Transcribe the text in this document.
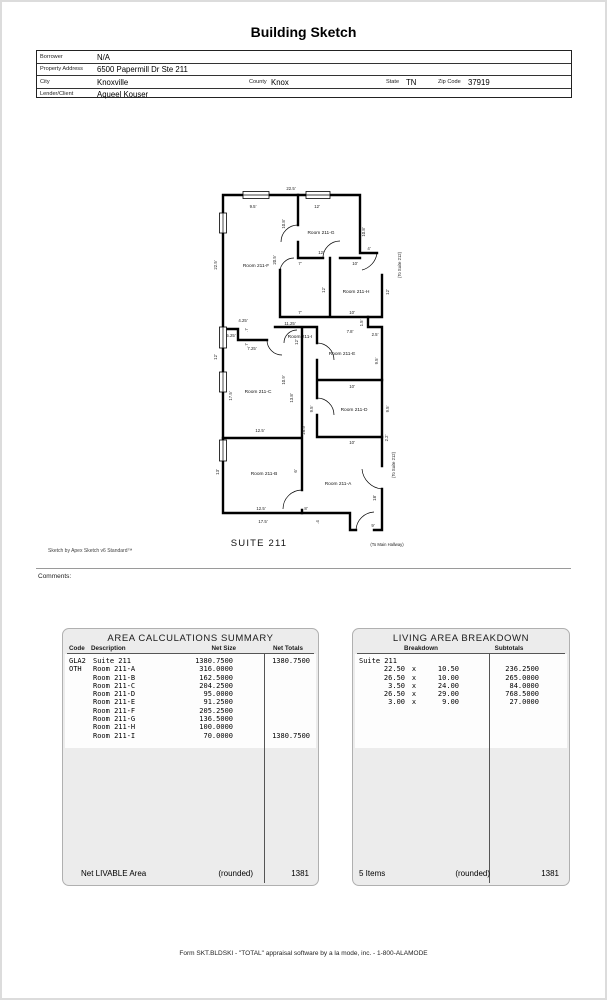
Building Sketch
Borrower	N/A
Property Address 6500 Papermill Dr Ste 211
City	Knoxville	County Knox	State TN	Zip Code 37919
Lender/Client	Aqueel Kouser
SUITE 211
22.5'
9.5'	12'
22.5'
10.8'
20.5'
10.8'
12'
4'
10'
7'
12'	12'
7'	10'
7.8'
1.5'
2.5'
11.25'
4.25'
.7
5.25'
.7
7.25'
12'
12'
17.5'
10.9'
13.8'
26.5'
9.5'
9.5'
10'
9.5'
10'
2.2'
12.5'
13'	6'
18'
12.5'	8'
.4
9'
17.5'
Room 211-F
Room 211-G
Room 211-H
Room 211-I
Room 211-E
Room 211-C
Room 211-D
Room 211-B
Room 211-A
(To Suite 212)
(To Suite 212)
(To Main Hallway)
Sketch by Apex Sketch v6 Standard™
Comments:
AREA CALCULATIONS SUMMARY
Code Description	Net Size	Net Totals
GLA2	Suite 211	1380.7500	1380.7500
OTH	Room 211-A	316.0000
Room 211-B	162.5000
Room 211-C	204.2500
Room 211-D	95.0000
Room 211-E	91.2500
Room 211-F	205.2500
Room 211-G	136.5000
Room 211-H	100.0000
Room 211-I	70.0000	1380.7500
Net LIVABLE Area	(rounded)	1381
LIVING AREA BREAKDOWN
Breakdown	Subtotals
Suite 211
22.50 x	10.50	236.2500
26.50 x	10.00	265.0000
3.50 x	24.00	84.0000
26.50 x	29.00	768.5000
3.00 x	9.00	27.0000
5 Items	(rounded)	1381
Form SKT.BLDSKI - "TOTAL" appraisal software by a la mode, inc. - 1-800-ALAMODE
